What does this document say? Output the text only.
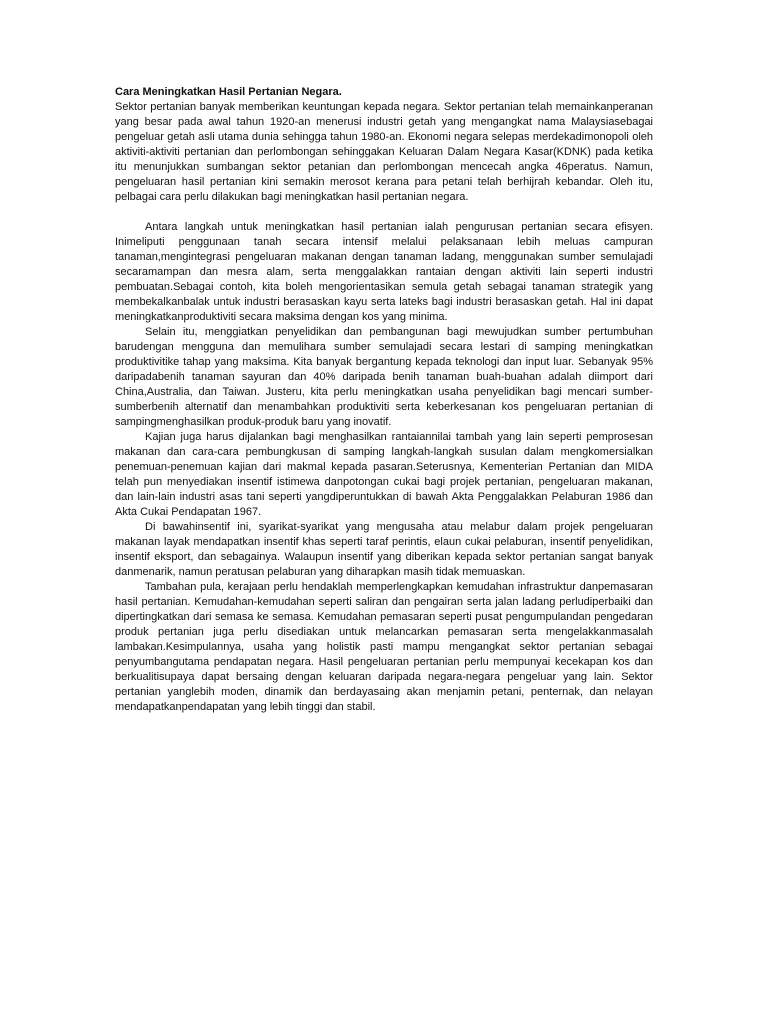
Cara Meningkatkan Hasil Pertanian Negara.

Sektor pertanian banyak memberikan keuntungan kepada negara. Sektor pertanian telah memainkanperanan yang besar pada awal tahun 1920-an menerusi industri getah yang mengangkat nama Malaysiasebagai pengeluar getah asli utama dunia sehingga tahun 1980-an. Ekonomi negara selepas merdekadimonopoli oleh aktiviti-aktiviti pertanian dan perlombongan sehinggakan Keluaran Dalam Negara Kasar(KDNK) pada ketika itu menunjukkan sumbangan sektor petanian dan perlombongan mencecah angka 46peratus. Namun, pengeluaran hasil pertanian kini semakin merosot kerana para petani telah berhijrah kebandar. Oleh itu, pelbagai cara perlu dilakukan bagi meningkatkan hasil pertanian negara.

Antara langkah untuk meningkatkan hasil pertanian ialah pengurusan pertanian secara efisyen. Inimeliputi penggunaan tanah secara intensif melalui pelaksanaan lebih meluas campuran tanaman,mengintegrasi pengeluaran makanan dengan tanaman ladang, menggunakan sumber semulajadi secaramampan dan mesra alam, serta menggalakkan rantaian dengan aktiviti lain seperti industri pembuatan.Sebagai contoh, kita boleh mengorientasikan semula getah sebagai tanaman strategik yang membekalkanbalak untuk industri berasaskan kayu serta lateks bagi industri berasaskan getah. Hal ini dapat meningkatkanproduktiviti secara maksima dengan kos yang minima.

Selain itu, menggiatkan penyelidikan dan pembangunan bagi mewujudkan sumber pertumbuhan barudengan mengguna dan memulihara sumber semulajadi secara lestari di samping meningkatkan produktivitike tahap yang maksima. Kita banyak bergantung kepada teknologi dan input luar. Sebanyak 95% daripadabenih tanaman sayuran dan 40% daripada benih tanaman buah-buahan adalah diimport dari China,Australia, dan Taiwan. Justeru, kita perlu meningkatkan usaha penyelidikan bagi mencari sumber-sumberbenih alternatif dan menambahkan produktiviti serta keberkesanan kos pengeluaran pertanian di sampingmenghasilkan produk-produk baru yang inovatif.

Kajian juga harus dijalankan bagi menghasilkan rantaiannilai tambah yang lain seperti pemprosesan makanan dan cara-cara pembungkusan di samping langkah-langkah susulan dalam mengkomersialkan penemuan-penemuan kajian dari makmal kepada pasaran.Seterusnya, Kementerian Pertanian dan MIDA telah pun menyediakan insentif istimewa danpotongan cukai bagi projek pertanian, pengeluaran makanan, dan lain-lain industri asas tani seperti yangdiperuntukkan di bawah Akta Penggalakkan Pelaburan 1986 dan Akta Cukai Pendapatan 1967.

Di bawahinsentif ini, syarikat-syarikat yang mengusaha atau melabur dalam projek pengeluaran makanan layak mendapatkan insentif khas seperti taraf perintis, elaun cukai pelaburan, insentif penyelidikan, insentif eksport, dan sebagainya. Walaupun insentif yang diberikan kepada sektor pertanian sangat banyak danmenarik, namun peratusan pelaburan yang diharapkan masih tidak memuaskan.

Tambahan pula, kerajaan perlu hendaklah memperlengkapkan kemudahan infrastruktur danpemasaran hasil pertanian. Kemudahan-kemudahan seperti saliran dan pengairan serta jalan ladang perludiperbaiki dan dipertingkatkan dari semasa ke semasa. Kemudahan pemasaran seperti pusat pengumpulandan pengedaran produk pertanian juga perlu disediakan untuk melancarkan pemasaran serta mengelakkanmasalah lambakan.Kesimpulannya, usaha yang holistik pasti mampu mengangkat sektor pertanian sebagai penyumbangutama pendapatan negara. Hasil pengeluaran pertanian perlu mempunyai kecekapan kos dan berkualitisupaya dapat bersaing dengan keluaran daripada negara-negara pengeluar yang lain. Sektor pertanian yanglebih moden, dinamik dan berdayasaing akan menjamin petani, penternak, dan nelayan mendapatkanpendapatan yang lebih tinggi dan stabil.
